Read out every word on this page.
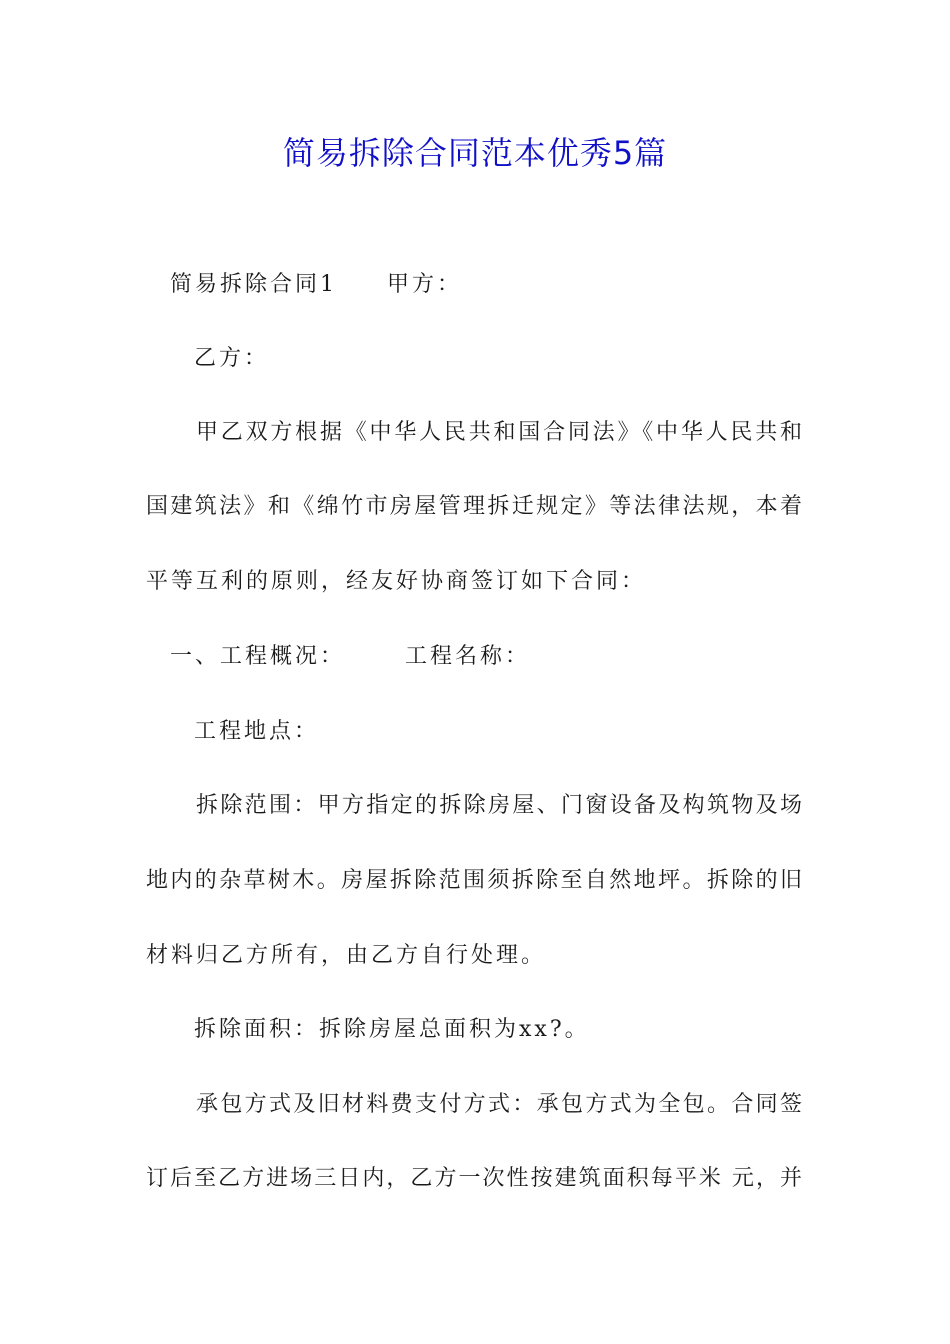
简易拆除合同范本优秀5篇
简易拆除合同1 甲方：
乙方：
甲乙双方根据《中华人民共和国合同法》《中华人民共和
国建筑法》和《绵竹市房屋管理拆迁规定》等法律法规，本着
平等互利的原则，经友好协商签订如下合同：
一、工程概况：	工程名称：
工程地点：
拆除范围：甲方指定的拆除房屋、门窗设备及构筑物及场
地内的杂草树木。房屋拆除范围须拆除至自然地坪。拆除的旧
材料归乙方所有，由乙方自行处理。
拆除面积：拆除房屋总面积为xx?。
承包方式及旧材料费支付方式：承包方式为全包。合同签
订后至乙方进场三日内，乙方一次性按建筑面积每平米 元，并
